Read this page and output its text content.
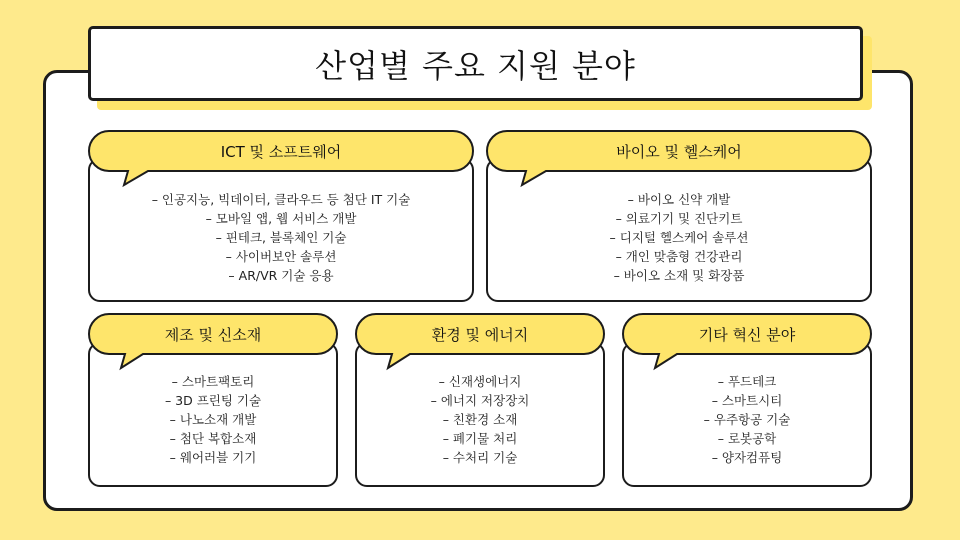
산업별 주요 지원 분야
– 인공지능, 빅데이터, 클라우드 등 첨단 IT 기술
– 모바일 앱, 웹 서비스 개발
– 핀테크, 블록체인 기술
– 사이버보안 솔루션
– AR/VR 기술 응용
ICT 및 소프트웨어
– 바이오 신약 개발
– 의료기기 및 진단키트
– 디지털 헬스케어 솔루션
– 개인 맞춤형 건강관리
– 바이오 소재 및 화장품
바이오 및 헬스케어
– 스마트팩토리
– 3D 프린팅 기술
– 나노소재 개발
– 첨단 복합소재
– 웨어러블 기기
제조 및 신소재
– 신재생에너지
– 에너지 저장장치
– 친환경 소재
– 폐기물 처리
– 수처리 기술
환경 및 에너지
– 푸드테크
– 스마트시티
– 우주항공 기술
– 로봇공학
– 양자컴퓨팅
기타 혁신 분야
